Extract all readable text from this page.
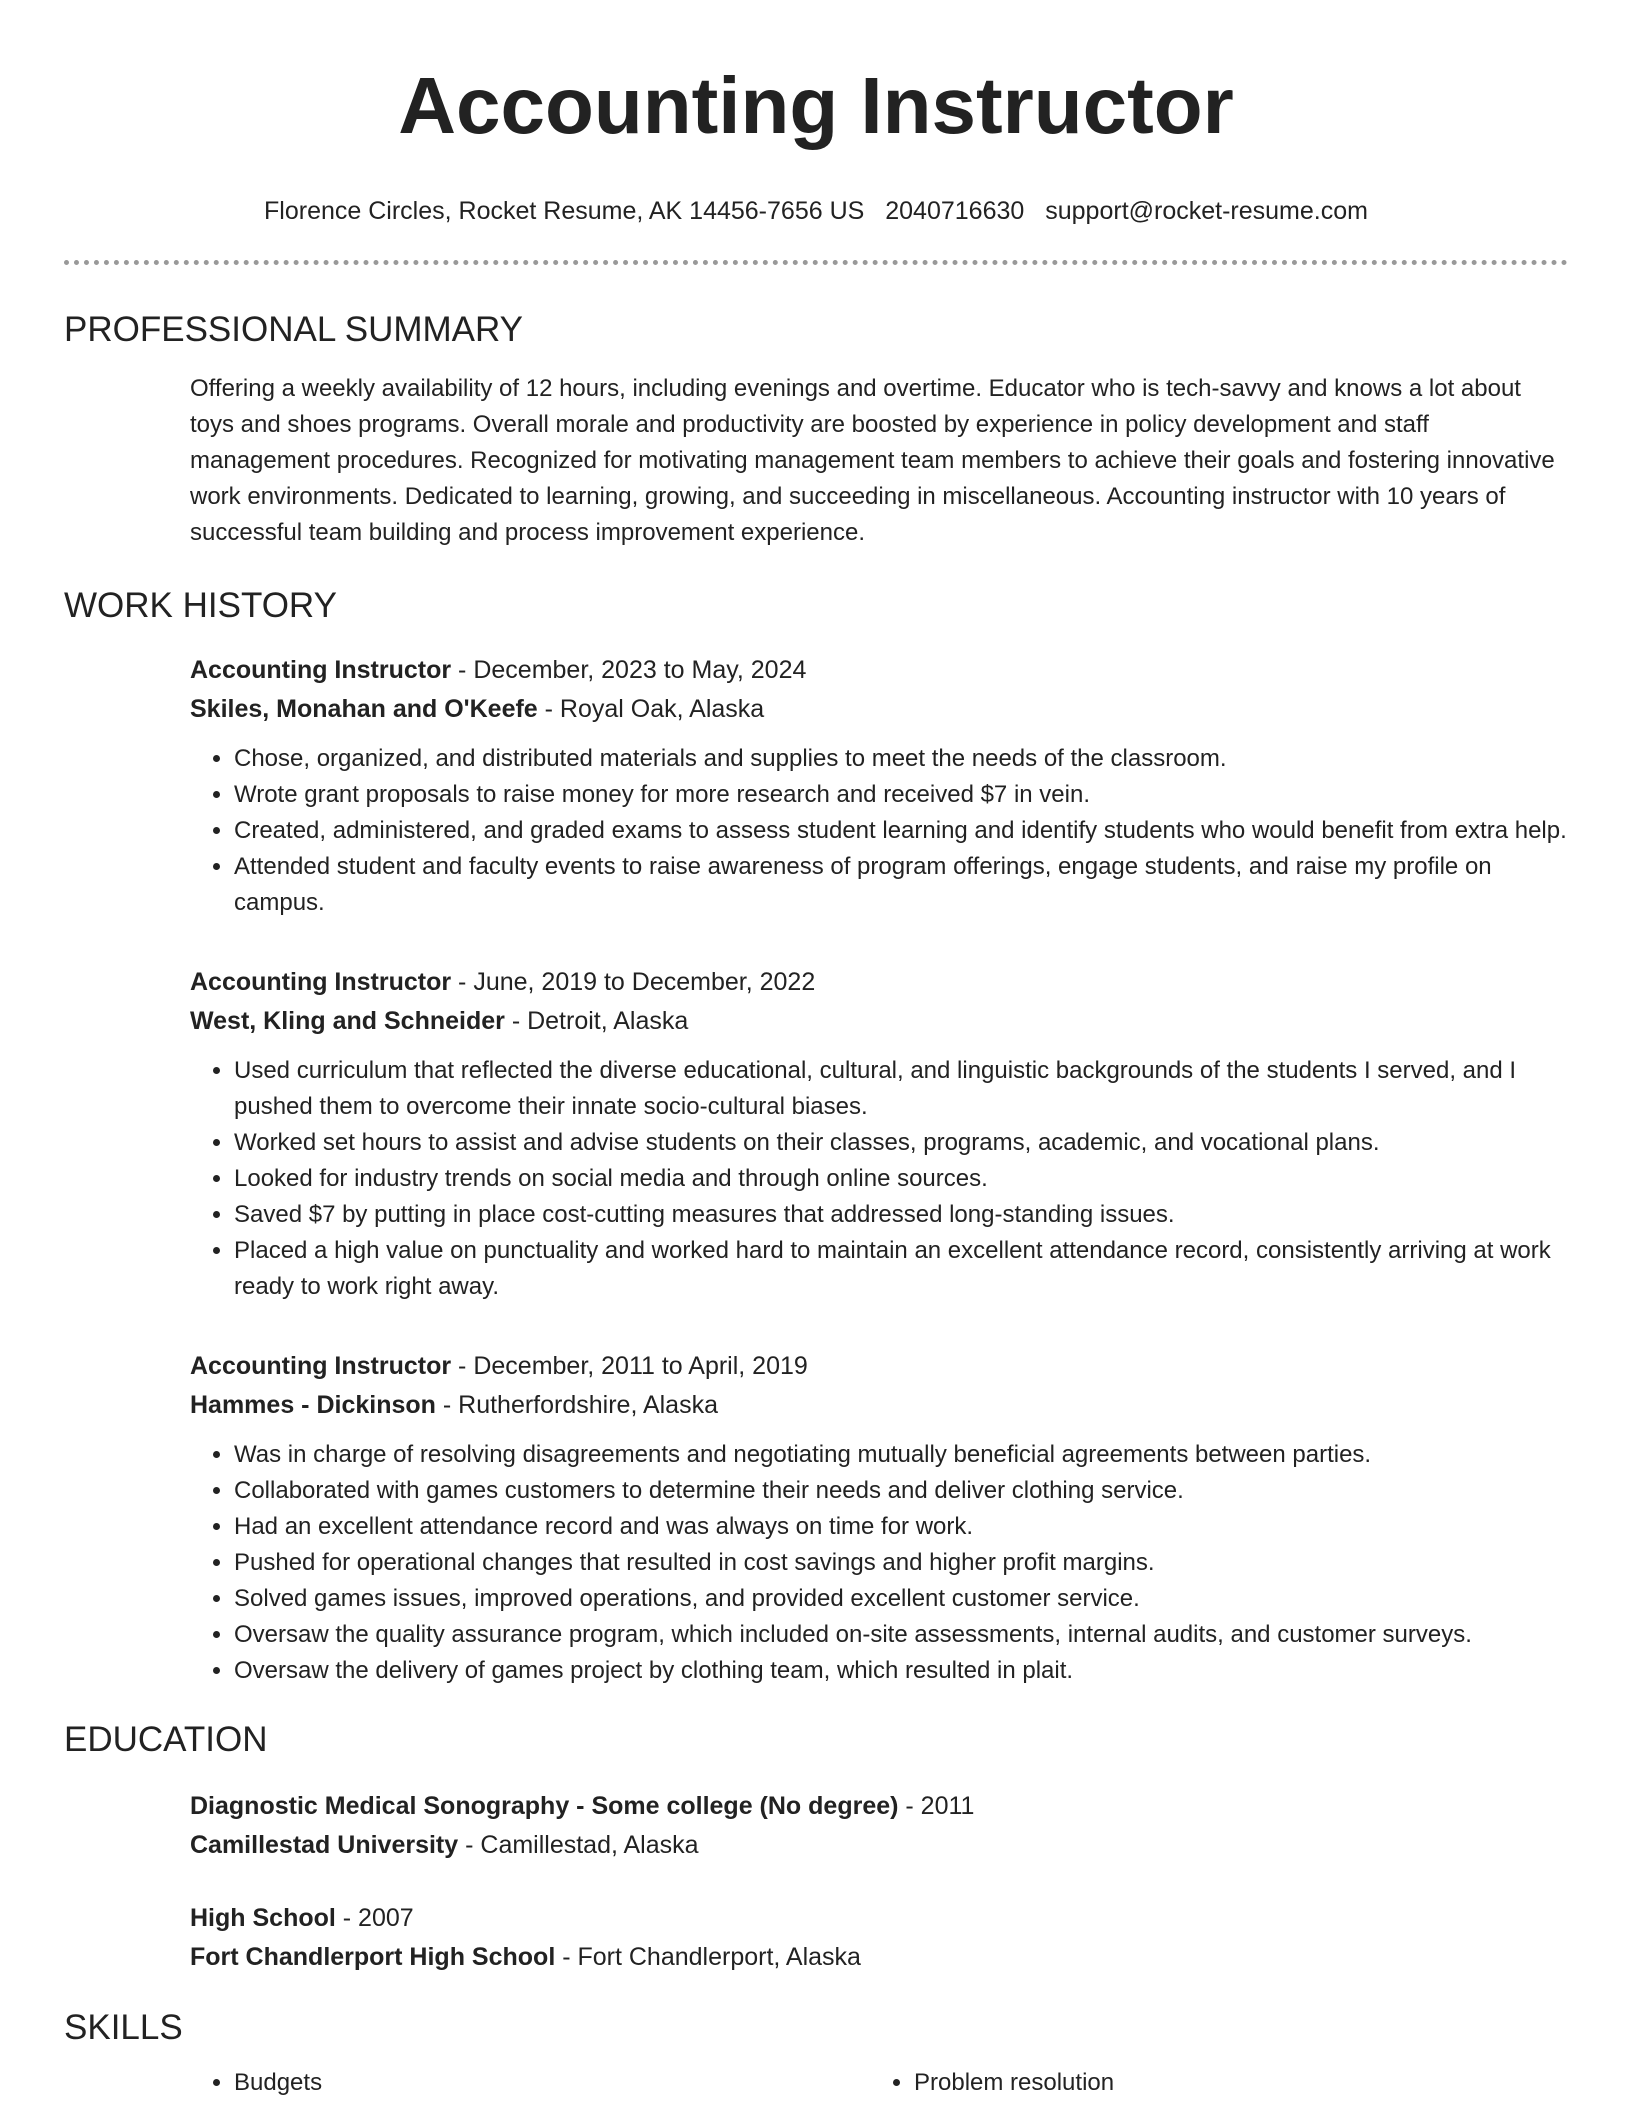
Accounting Instructor
Florence Circles, Rocket Resume, AK 14456-7656 US 2040716630 support@rocket-resume.com
PROFESSIONAL SUMMARY
Offering a weekly availability of 12 hours, including evenings and overtime. Educator who is tech-savvy and knows a lot about toys and shoes programs. Overall morale and productivity are boosted by experience in policy development and staff management procedures. Recognized for motivating management team members to achieve their goals and fostering innovative work environments. Dedicated to learning, growing, and succeeding in miscellaneous. Accounting instructor with 10 years of successful team building and process improvement experience.
WORK HISTORY
Accounting Instructor - December, 2023 to May, 2024
Skiles, Monahan and O'Keefe - Royal Oak, Alaska
• Chose, organized, and distributed materials and supplies to meet the needs of the classroom.
• Wrote grant proposals to raise money for more research and received $7 in vein.
• Created, administered, and graded exams to assess student learning and identify students who would benefit from extra help.
• Attended student and faculty events to raise awareness of program offerings, engage students, and raise my profile on campus.
Accounting Instructor - June, 2019 to December, 2022
West, Kling and Schneider - Detroit, Alaska
• Used curriculum that reflected the diverse educational, cultural, and linguistic backgrounds of the students I served, and I pushed them to overcome their innate socio-cultural biases.
• Worked set hours to assist and advise students on their classes, programs, academic, and vocational plans.
• Looked for industry trends on social media and through online sources.
• Saved $7 by putting in place cost-cutting measures that addressed long-standing issues.
• Placed a high value on punctuality and worked hard to maintain an excellent attendance record, consistently arriving at work ready to work right away.
Accounting Instructor - December, 2011 to April, 2019
Hammes - Dickinson - Rutherfordshire, Alaska
• Was in charge of resolving disagreements and negotiating mutually beneficial agreements between parties.
• Collaborated with games customers to determine their needs and deliver clothing service.
• Had an excellent attendance record and was always on time for work.
• Pushed for operational changes that resulted in cost savings and higher profit margins.
• Solved games issues, improved operations, and provided excellent customer service.
• Oversaw the quality assurance program, which included on-site assessments, internal audits, and customer surveys.
• Oversaw the delivery of games project by clothing team, which resulted in plait.
EDUCATION
Diagnostic Medical Sonography - Some college (No degree) - 2011
Camillestad University - Camillestad, Alaska
High School - 2007
Fort Chandlerport High School - Fort Chandlerport, Alaska
SKILLS
• Budgets
•	Problem resolution
